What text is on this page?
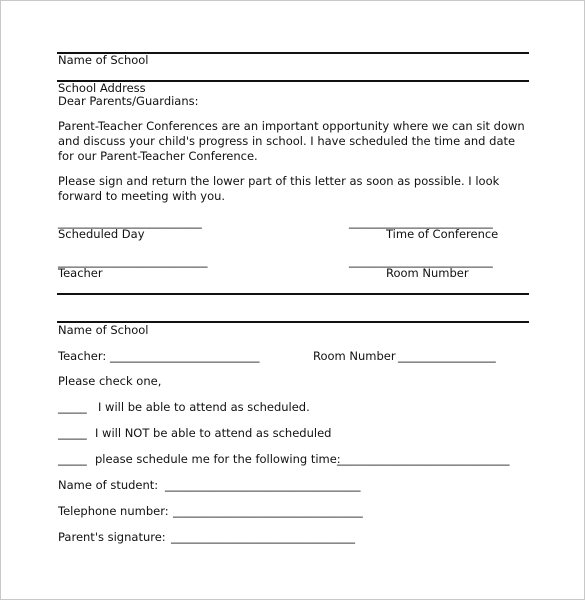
Name of School
School Address
Dear Parents/Guardians:
Parent-Teacher Conferences are an important opportunity where we can sit down and discuss your child's progress in school. I have scheduled the time and date for our Parent-Teacher Conference.
Please sign and return the lower part of this letter as soon as possible. I look forward to meeting with you.
_________________________
Scheduled Day
_________________________
Time of Conference
__________________________
Teacher
_________________________
Room Number
Name of School
Teacher: __________________________	Room Number _________________
Please check one,
_____ I will be able to attend as scheduled.
_____ I will NOT be able to attend as scheduled
_____ please schedule me for the following time:
______________________________
Name of student: __________________________________
Telephone number: _________________________________
Parent's signature: ________________________________
